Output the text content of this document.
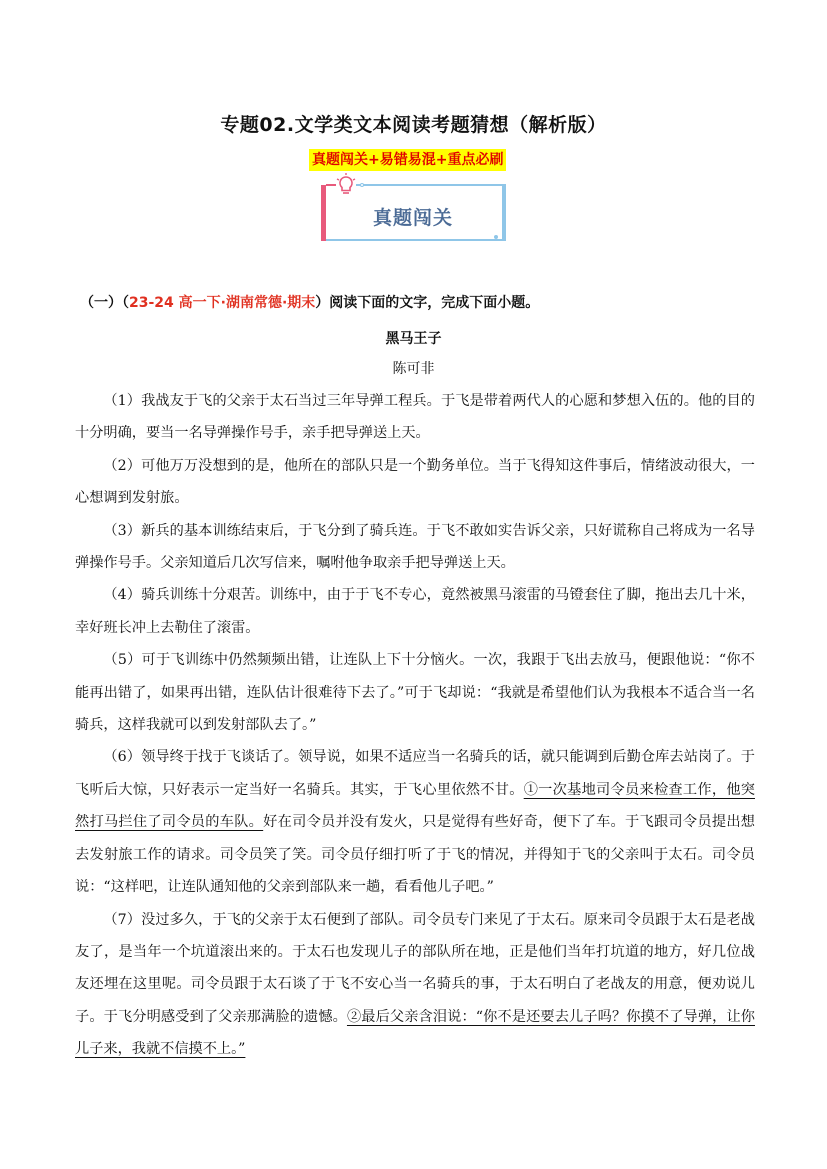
专题02.文学类文本阅读考题猜想（解析版）
真题闯关+易错易混+重点必刷
真题闯关
（一）（23-24 高一下·湖南常德·期末）阅读下面的文字，完成下面小题。
黑马王子
陈可非

（1）我战友于飞的父亲于太石当过三年导弹工程兵。于飞是带着两代人的心愿和梦想入伍的。他的目的十分明确，要当一名导弹操作号手，亲手把导弹送上天。

（2）可他万万没想到的是，他所在的部队只是一个勤务单位。当于飞得知这件事后，情绪波动很大，一心想调到发射旅。

（3）新兵的基本训练结束后，于飞分到了骑兵连。于飞不敢如实告诉父亲，只好谎称自己将成为一名导弹操作号手。父亲知道后几次写信来，嘱咐他争取亲手把导弹送上天。

（4）骑兵训练十分艰苦。训练中，由于于飞不专心，竟然被黑马滚雷的马镫套住了脚，拖出去几十米，幸好班长冲上去勒住了滚雷。

（5）可于飞训练中仍然频频出错，让连队上下十分恼火。一次，我跟于飞出去放马，便跟他说：“你不能再出错了，如果再出错，连队估计很难待下去了。”可于飞却说：“我就是希望他们认为我根本不适合当一名骑兵，这样我就可以到发射部队去了。”

（6）领导终于找于飞谈话了。领导说，如果不适应当一名骑兵的话，就只能调到后勤仓库去站岗了。于飞听后大惊，只好表示一定当好一名骑兵。其实，于飞心里依然不甘。①一次基地司令员来检查工作，他突然打马拦住了司令员的车队。好在司令员并没有发火，只是觉得有些好奇，便下了车。于飞跟司令员提出想去发射旅工作的请求。司令员笑了笑。司令员仔细打听了于飞的情况，并得知于飞的父亲叫于太石。司令员说：“这样吧，让连队通知他的父亲到部队来一趟，看看他儿子吧。”

（7）没过多久，于飞的父亲于太石便到了部队。司令员专门来见了于太石。原来司令员跟于太石是老战友了，是当年一个坑道滚出来的。于太石也发现儿子的部队所在地，正是他们当年打坑道的地方，好几位战友还埋在这里呢。司令员跟于太石谈了于飞不安心当一名骑兵的事，于太石明白了老战友的用意，便劝说儿子。于飞分明感受到了父亲那满脸的遗憾。②最后父亲含泪说：“你不是还要去儿子吗？你摸不了导弹，让你儿子来，我就不信摸不上。”
